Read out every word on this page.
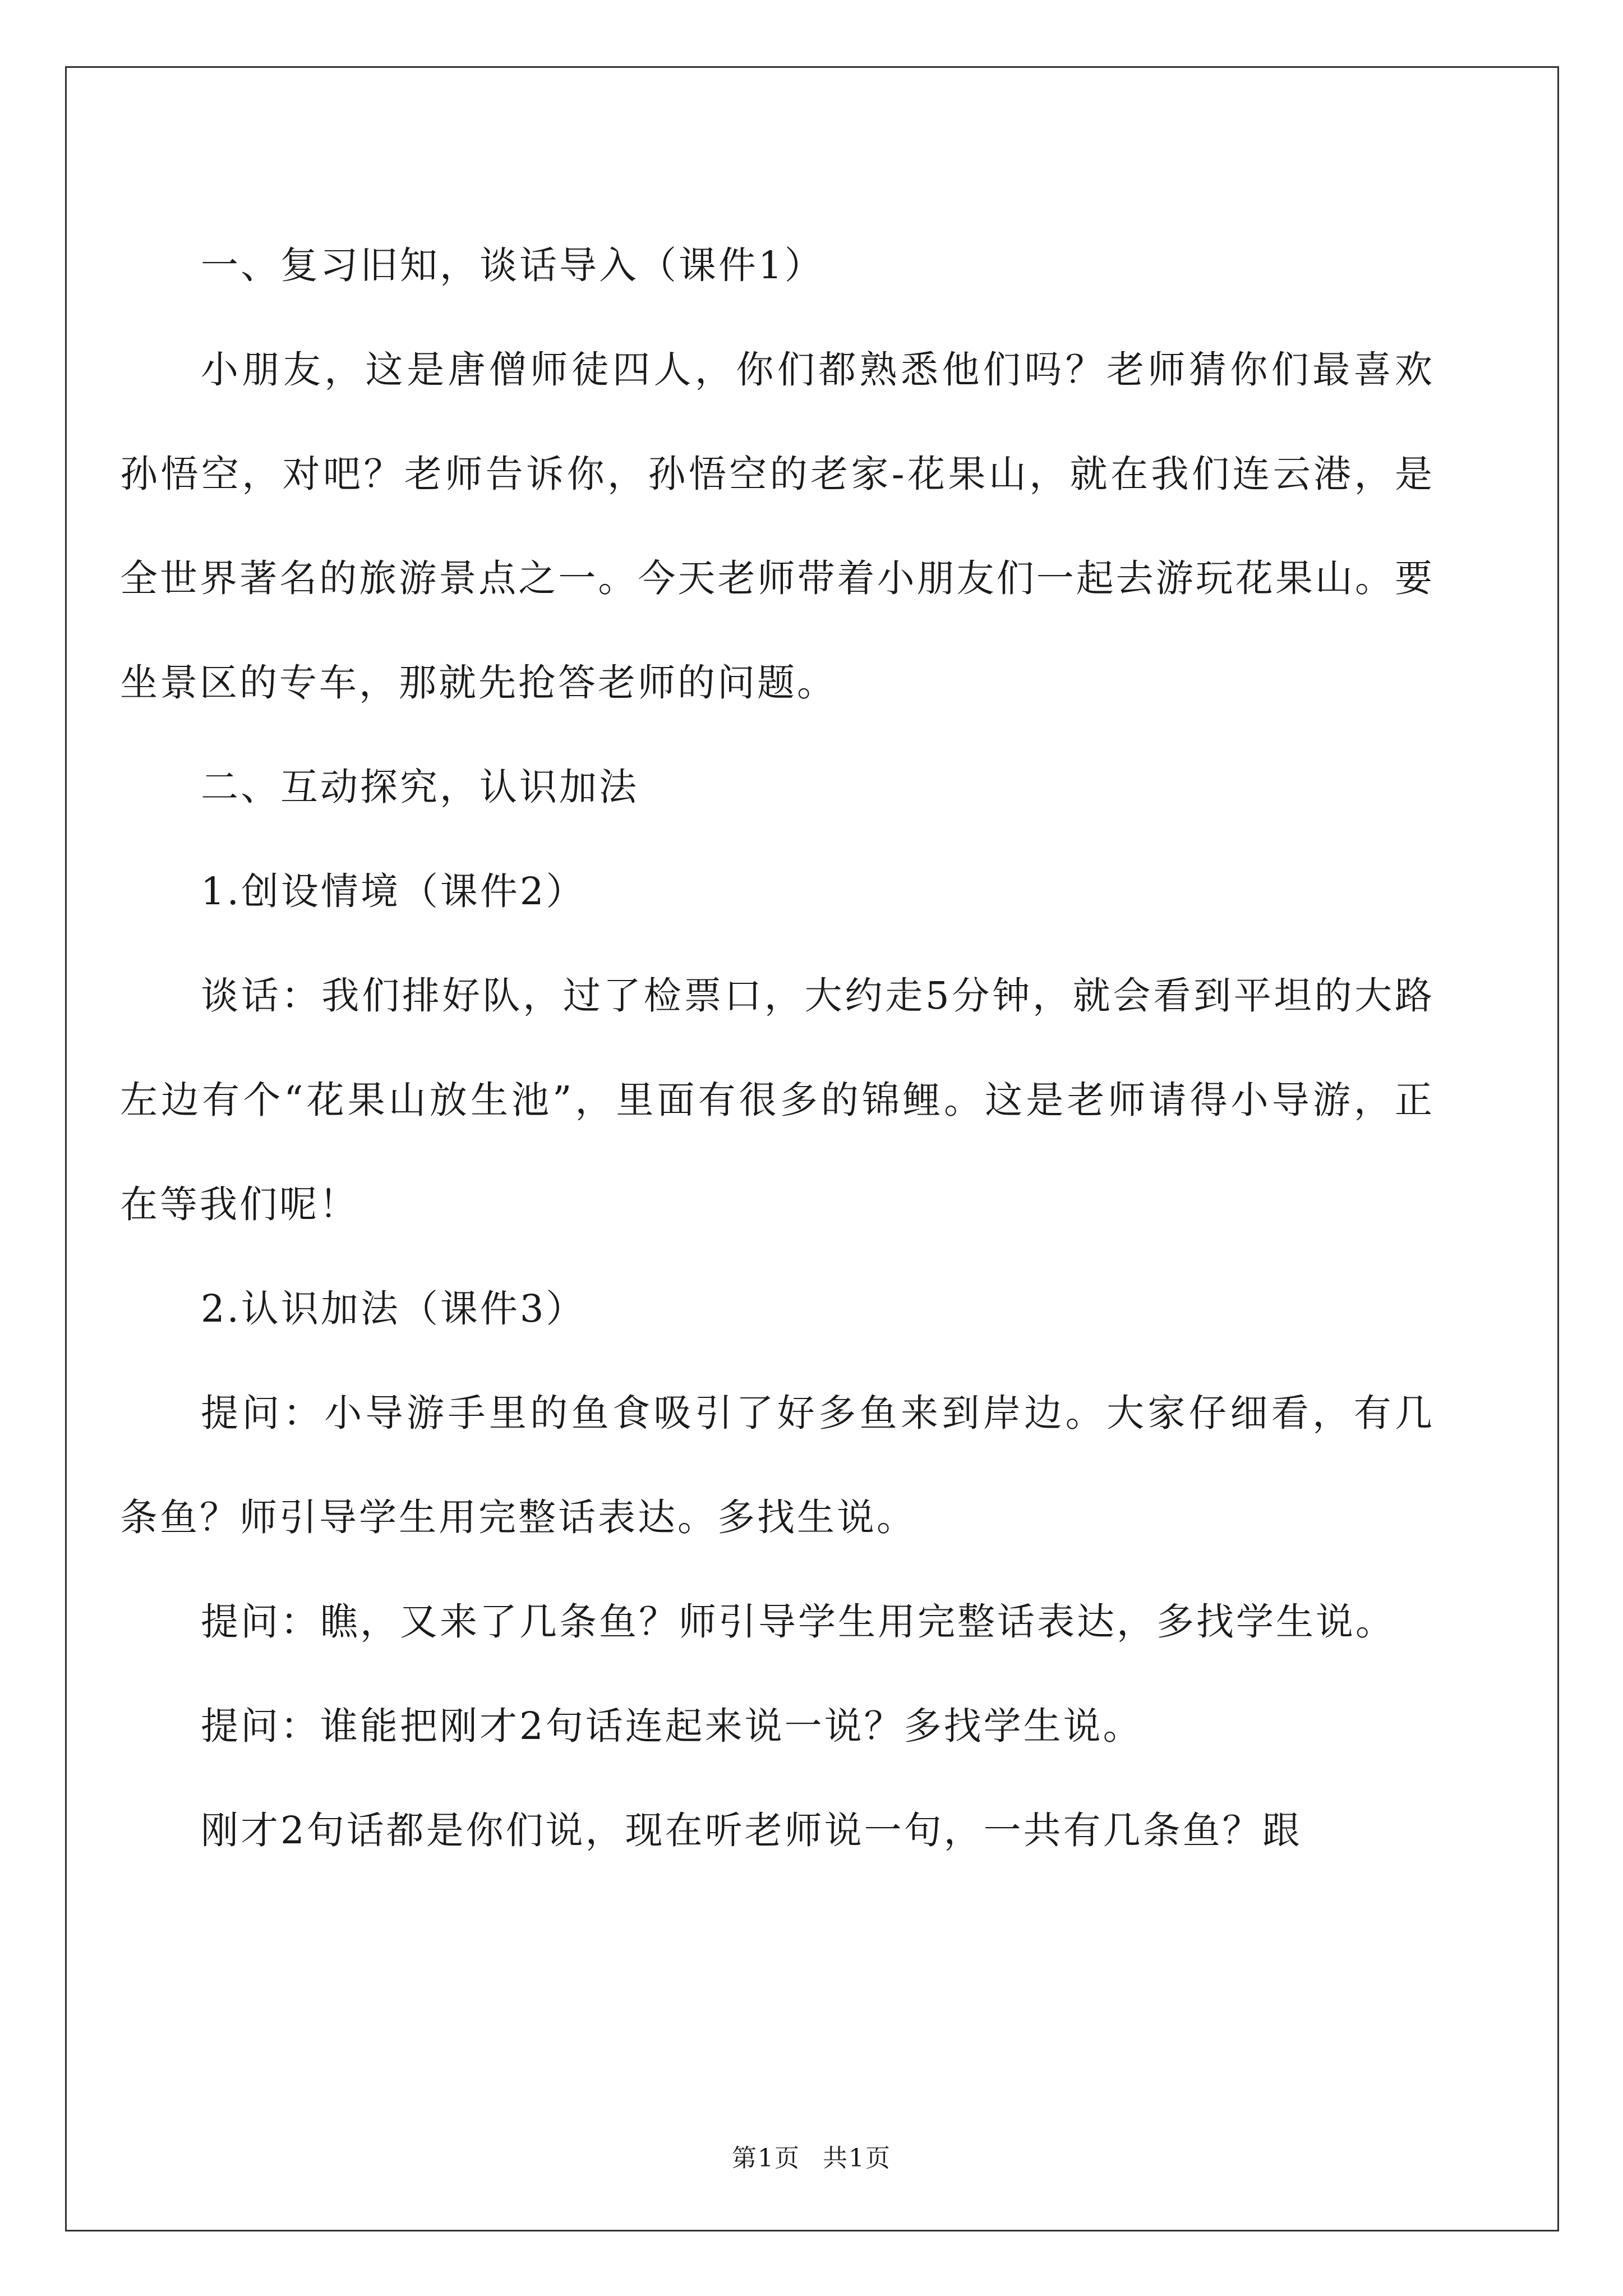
一、复习旧知，谈话导入（课件1）

小朋友，这是唐僧师徒四人，你们都熟悉他们吗？老师猜你们最喜欢孙悟空，对吧？老师告诉你，孙悟空的老家-花果山，就在我们连云港，是全世界著名的旅游景点之一。今天老师带着小朋友们一起去游玩花果山。要坐景区的专车，那就先抢答老师的问题。

二、互动探究，认识加法

1.创设情境（课件2）

谈话：我们排好队，过了检票口，大约走5分钟，就会看到平坦的大路左边有个“花果山放生池”，里面有很多的锦鲤。这是老师请得小导游，正在等我们呢！

2.认识加法（课件3）

提问：小导游手里的鱼食吸引了好多鱼来到岸边。大家仔细看，有几条鱼？师引导学生用完整话表达。多找生说。

提问：瞧，又来了几条鱼？师引导学生用完整话表达，多找学生说。

提问：谁能把刚才2句话连起来说一说？多找学生说。

刚才2句话都是你们说，现在听老师说一句，一共有几条鱼？跟

第1页 共1页
